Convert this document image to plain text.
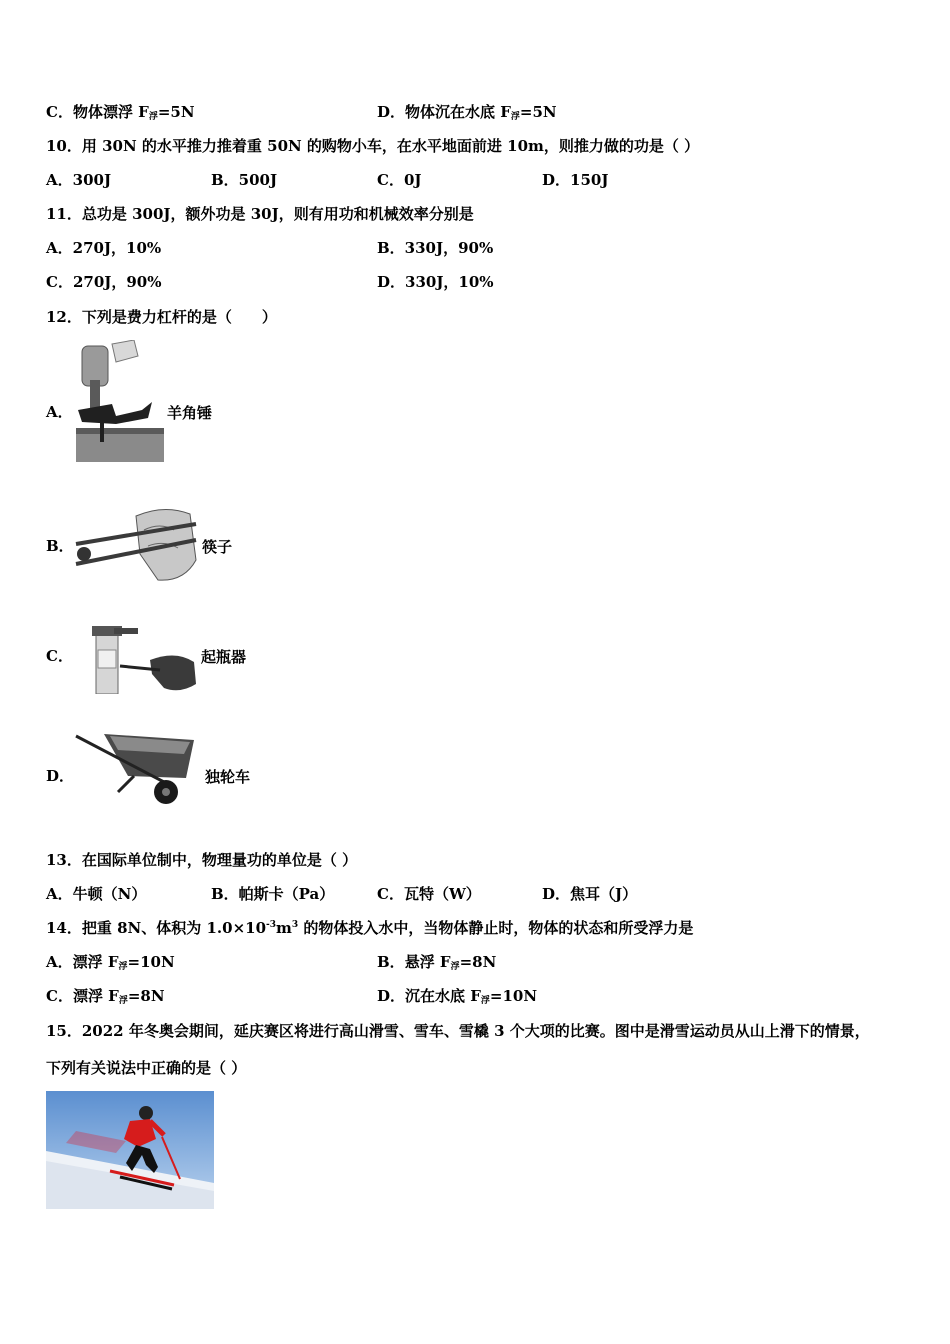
C．物体漂浮 $F_浮=5N$	D．物体沉在水底 $F_浮=5N$
10．用 30N 的水平推力推着重 50N 的购物小车，在水平地面前进 10m，则推力做的功是（ ）
A．300J	B．500J	C．0J	D．150J
11．总功是 300J，额外功是 30J，则有用功和机械效率分别是
A．270J，10%	B．330J，90%
C．270J，90%	D．330J，10%
12．下列是费力杠杆的是（　　）
A．	羊角锤
B．	筷子
C．	起瓶器
D．	独轮车
13．在国际单位制中，物理量功的单位是（ ）
A．牛顿（N）	B．帕斯卡（Pa）	C．瓦特（W）	D．焦耳（J）
14．把重 8N、体积为 $1.0\times 10^{-3}m^3$ 的物体投入水中，当物体静止时，物体的状态和所受浮力是
A．漂浮 $F_浮=10N$	B．悬浮 $F_浮=8N$
C．漂浮 $F_浮=8N$	D．沉在水底 $F_浮=10N$
15．2022 年冬奥会期间，延庆赛区将进行高山滑雪、雪车、雪橇 3 个大项的比赛。图中是滑雪运动员从山上滑下的情景，
下列有关说法中正确的是（ ）
